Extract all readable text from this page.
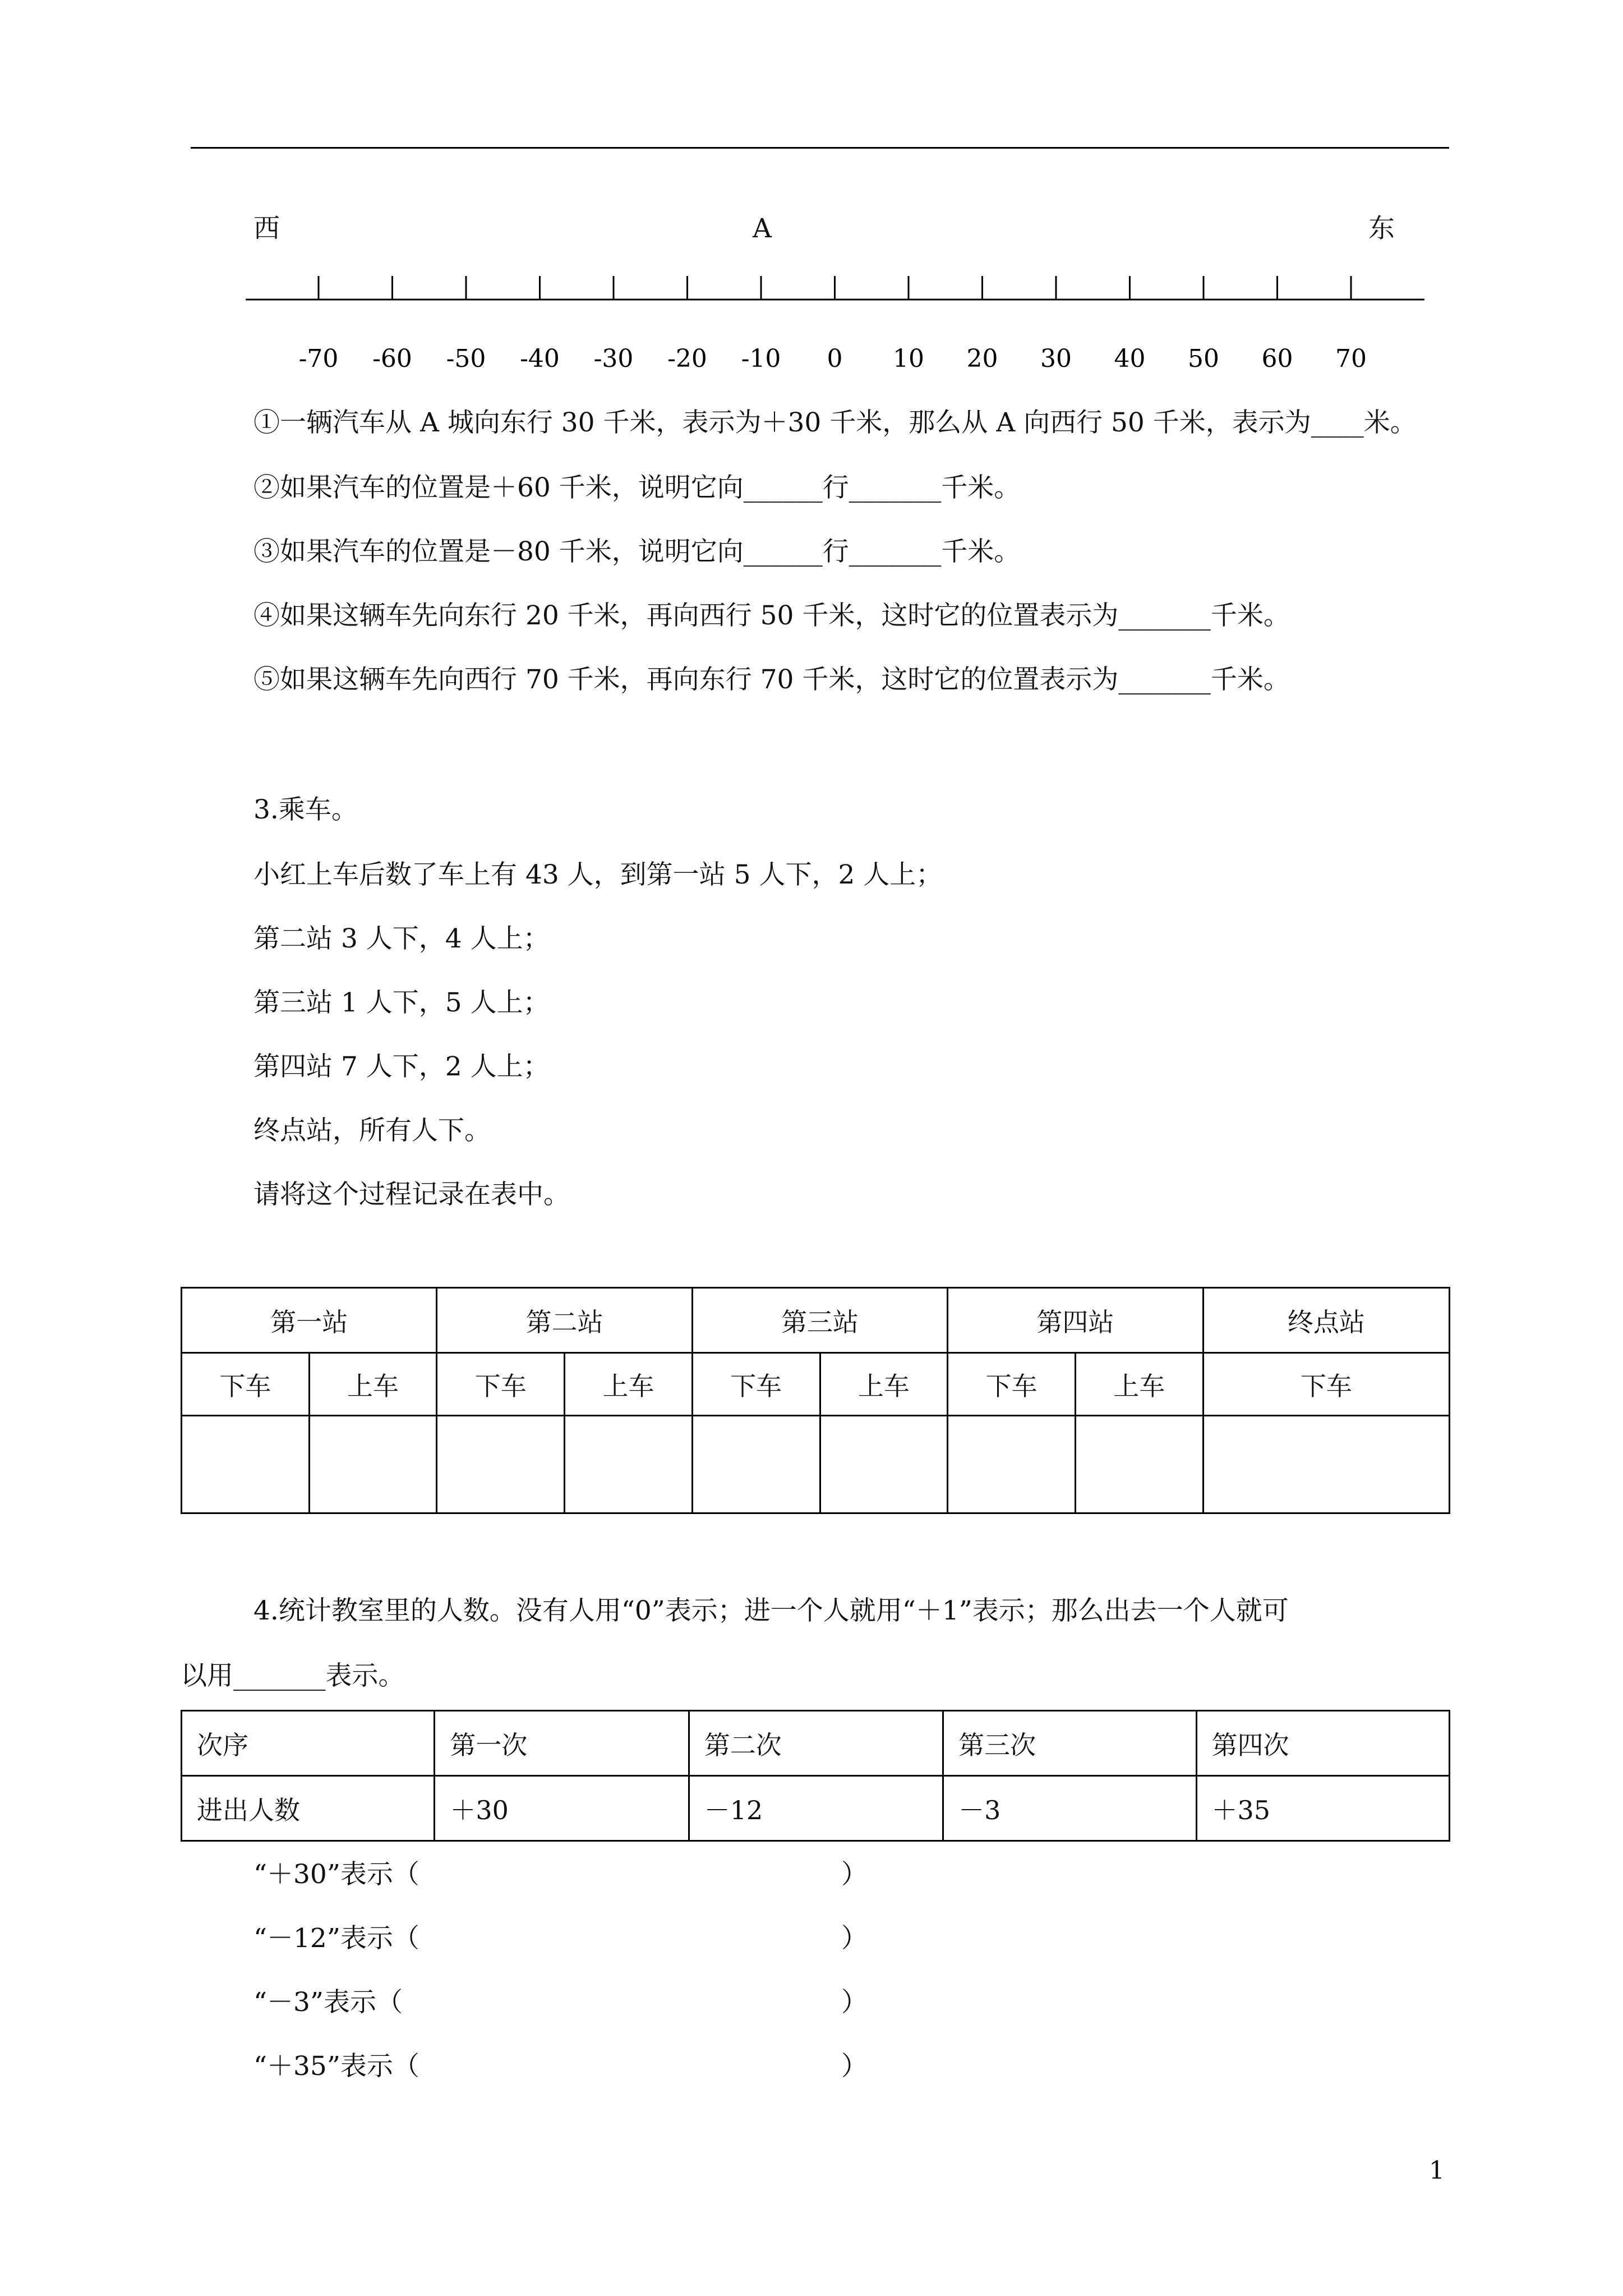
西	A	东
-70 -60 -50 -40 -30 -20 -10 0 10 20 30 40 50 60 70
①一辆汽车从 A 城向东行 30 千米，表示为＋30 千米，那么从 A 向西行 50 千米，表示为____米。
②如果汽车的位置是＋60 千米，说明它向______行_______千米。
③如果汽车的位置是－80 千米，说明它向______行_______千米。
④如果这辆车先向东行 20 千米，再向西行 50 千米，这时它的位置表示为_______千米。
⑤如果这辆车先向西行 70 千米，再向东行 70 千米，这时它的位置表示为_______千米。
3.乘车。
小红上车后数了车上有 43 人，到第一站 5 人下，2 人上；
第二站 3 人下，4 人上；
第三站 1 人下，5 人上；
第四站 7 人下，2 人上；
终点站，所有人下。
请将这个过程记录在表中。
第一站		第二站		第三站		第四站		终点站
下车	上车	下车	上车	下车	上车	下车	上车	下车

4.统计教室里的人数。没有人用“0”表示；进一个人就用“＋1”表示；那么出去一个人就可
以用_______表示。
次序	第一次	第二次	第三次	第四次
进出人数	＋30	－12	－3	＋35
“＋30”表示（	）
“－12”表示（	）
“－3”表示（	）
“＋35”表示（	）
1
